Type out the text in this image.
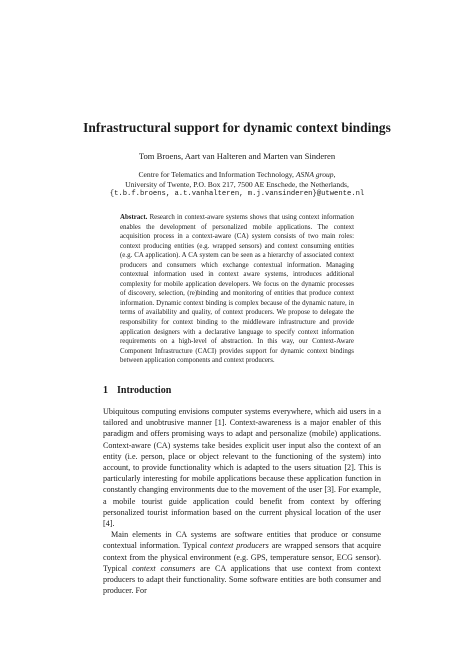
Infrastructural support for dynamic context bindings
Tom Broens, Aart van Halteren and Marten van Sinderen
Centre for Telematics and Information Technology, ASNA group,
University of Twente, P.O. Box 217, 7500 AE Enschede, the Netherlands,
{t.b.f.broens, a.t.vanhalteren, m.j.vansinderen}@utwente.nl
Abstract. Research in context-aware systems shows that using context information enables the development of personalized mobile applications. The context acquisition process in a context-aware (CA) system consists of two main roles: context producing entities (e.g. wrapped sensors) and context consuming entities (e.g. CA application). A CA system can be seen as a hierarchy of associated context producers and consumers which exchange contextual information. Managing contextual information used in context aware systems, introduces additional complexity for mobile application developers. We focus on the dynamic processes of discovery, selection, (re)binding and monitoring of entities that produce context information. Dynamic context binding is complex because of the dynamic nature, in terms of availability and quality, of context producers. We propose to delegate the responsibility for context binding to the middleware infrastructure and provide application designers with a declarative language to specify context information requirements on a high-level of abstraction. In this way, our Context-Aware Component Infrastructure (CACI) provides support for dynamic context bindings between application components and context producers.
1 Introduction

Ubiquitous computing envisions computer systems everywhere, which aid users in a tailored and unobtrusive manner [1]. Context-awareness is a major enabler of this paradigm and offers promising ways to adapt and personalize (mobile) applications. Context-aware (CA) systems take besides explicit user input also the context of an entity (i.e. person, place or object relevant to the functioning of the system) into account, to provide functionality which is adapted to the users situation [2]. This is particularly interesting for mobile applications because these application function in constantly changing environments due to the movement of the user [3]. For example, a mobile tourist guide application could benefit from context by offering personalized tourist information based on the current physical location of the user [4].

Main elements in CA systems are software entities that produce or consume contextual information. Typical context producers are wrapped sensors that acquire context from the physical environment (e.g. GPS, temperature sensor, ECG sensor). Typical context consumers are CA applications that use context from context producers to adapt their functionality. Some software entities are both consumer and producer. For
